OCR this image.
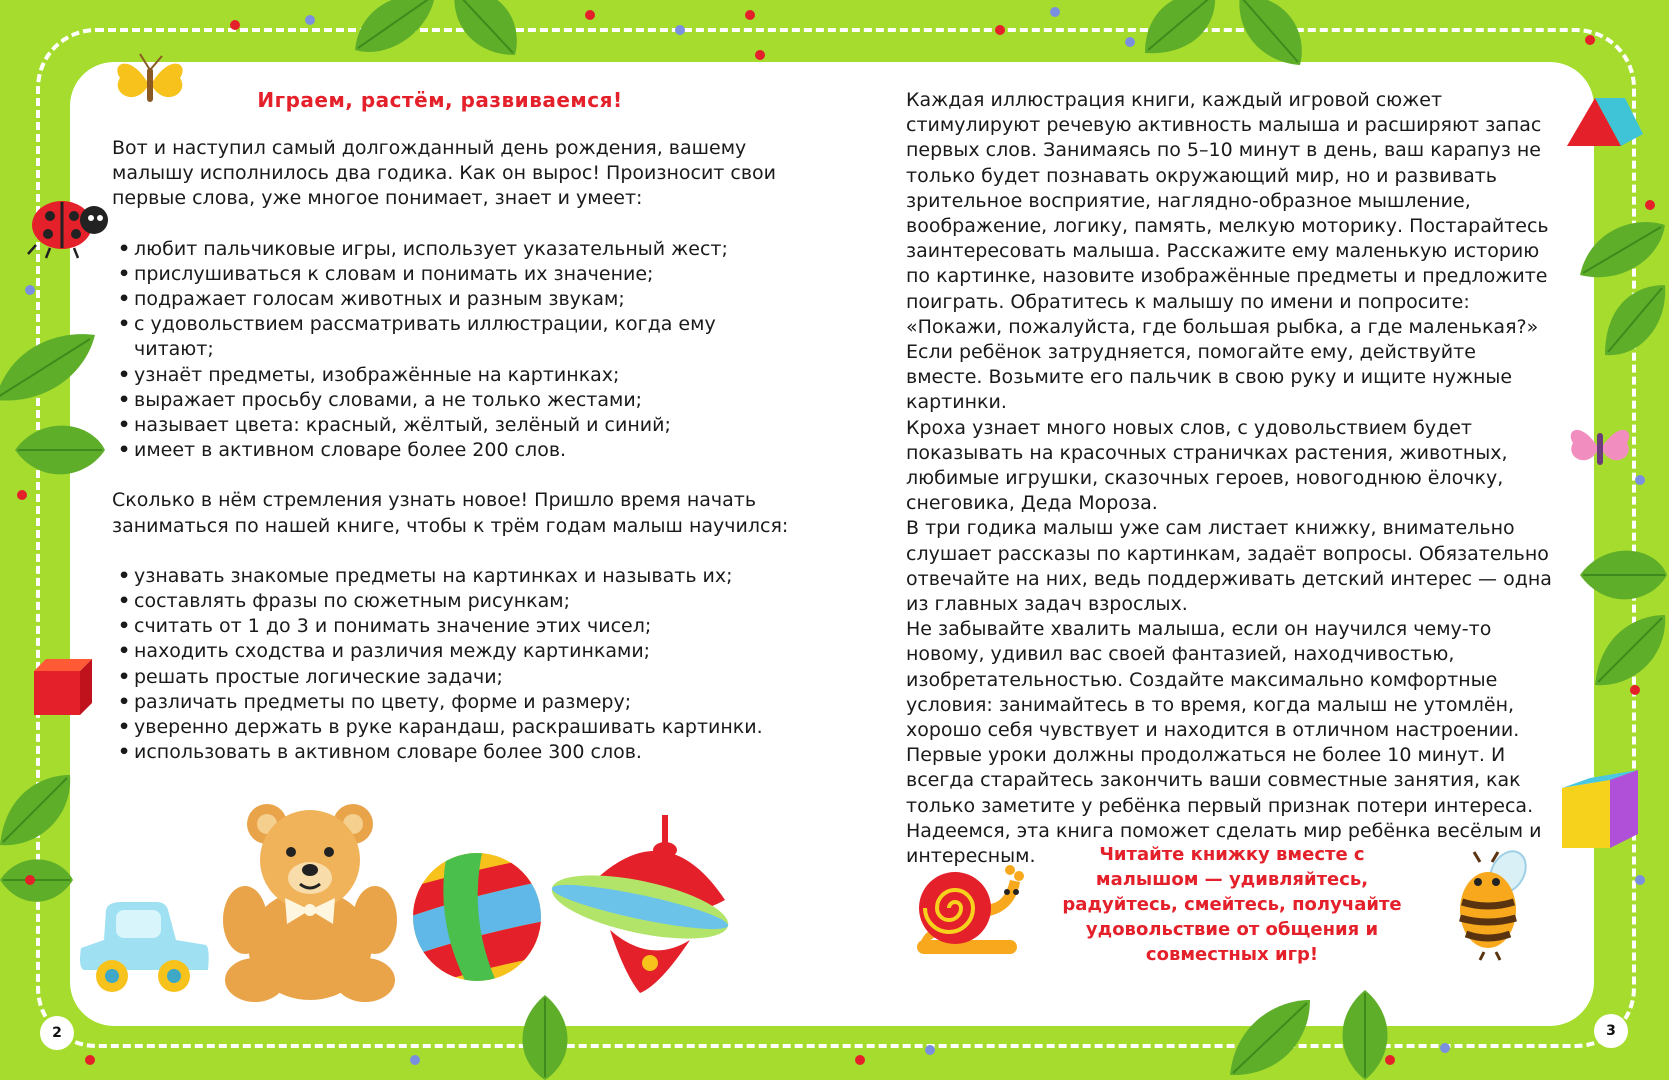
Играем, растём, развиваемся!

Вот и наступил самый долгожданный день рождения, вашему малышу исполнилось два годика. Как он вырос! Произносит свои первые слова, уже многое понимает, знает и умеет:

• любит пальчиковые игры, использует указательный жест;
• прислушиваться к словам и понимать их значение;
• подражает голосам животных и разным звукам;
• с удовольствием рассматривать иллюстрации, когда ему читают;
• узнаёт предметы, изображённые на картинках;
• выражает просьбу словами, а не только жестами;
• называет цвета: красный, жёлтый, зелёный и синий;
• имеет в активном словаре более 200 слов.

Сколько в нём стремления узнать новое! Пришло время начать заниматься по нашей книге, чтобы к трём годам малыш научился:

• узнавать знакомые предметы на картинках и называть их;
• составлять фразы по сюжетным рисункам;
• считать от 1 до 3 и понимать значение этих чисел;
• находить сходства и различия между картинками;
• решать простые логические задачи;
• различать предметы по цвету, форме и размеру;
• уверенно держать в руке карандаш, раскрашивать картинки.
• использовать в активном словаре более 300 слов.

Каждая иллюстрация книги, каждый игровой сюжет стимулируют речевую активность малыша и расширяют запас первых слов. Занимаясь по 5–10 минут в день, ваш карапуз не только будет познавать окружающий мир, но и развивать зрительное восприятие, наглядно-образное мышление, воображение, логику, память, мелкую моторику. Постарайтесь заинтересовать малыша. Расскажите ему маленькую историю по картинке, назовите изображённые предметы и предложите поиграть. Обратитесь к малышу по имени и попросите: «Покажи, пожалуйста, где большая рыбка, а где маленькая?» Если ребёнок затрудняется, помогайте ему, действуйте вместе. Возьмите его пальчик в свою руку и ищите нужные картинки.

Кроха узнает много новых слов, с удовольствием будет показывать на красочных страничках растения, животных, любимые игрушки, сказочных героев, новогоднюю ёлочку, снеговика, Деда Мороза.

В три годика малыш уже сам листает книжку, внимательно слушает рассказы по картинкам, задаёт вопросы. Обязательно отвечайте на них, ведь поддерживать детский интерес — одна из главных задач взрослых.

Не забывайте хвалить малыша, если он научился чему-то новому, удивил вас своей фантазией, находчивостью, изобретательностью. Создайте максимально комфортные условия: занимайтесь в то время, когда малыш не утомлён, хорошо себя чувствует и находится в отличном настроении. Первые уроки должны продолжаться не более 10 минут. И всегда старайтесь закончить ваши совместные занятия, как только заметите у ребёнка первый признак потери интереса. Надеемся, эта книга поможет сделать мир ребёнка весёлым и интересным.	Читайте книжку вместе с малышом — удивляйтесь, радуйтесь, смейтесь, получайте удовольствие от общения и совместных игр!
2	3
